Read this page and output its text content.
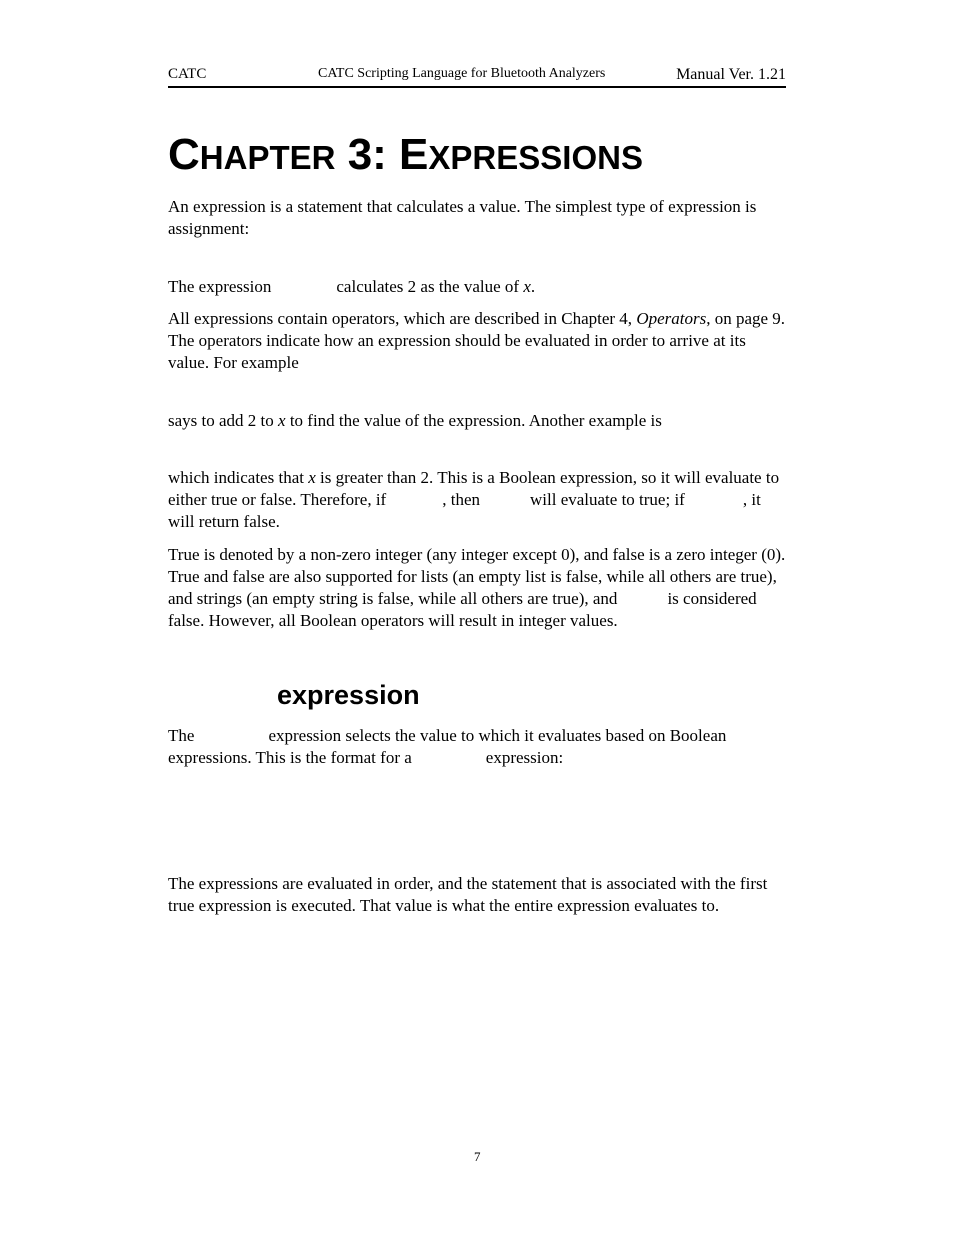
CATC	CATC Scripting Language for Bluetooth Analyzers	Manual Ver. 1.21
CHAPTER 3: EXPRESSIONS
An expression is a statement that calculates a value. The simplest type of expression is assignment:
The expression	calculates 2 as the value of x.
All expressions contain operators, which are described in Chapter 4, Operators, on page 9. The operators indicate how an expression should be evaluated in order to arrive at its value. For example
says to add 2 to x to find the value of the expression. Another example is
which indicates that x is greater than 2. This is a Boolean expression, so it will evaluate to either true or false. Therefore, if	, then	will evaluate to true; if	, it will return false.
True is denoted by a non-zero integer (any integer except 0), and false is a zero integer (0). True and false are also supported for lists (an empty list is false, while all others are true), and strings (an empty string is false, while all others are true), and	is considered false. However, all Boolean operators will result in integer values.
expression
The	expression selects the value to which it evaluates based on Boolean expressions. This is the format for a	expression:
The expressions are evaluated in order, and the statement that is associated with the first true expression is executed. That value is what the entire expression evaluates to.
7
